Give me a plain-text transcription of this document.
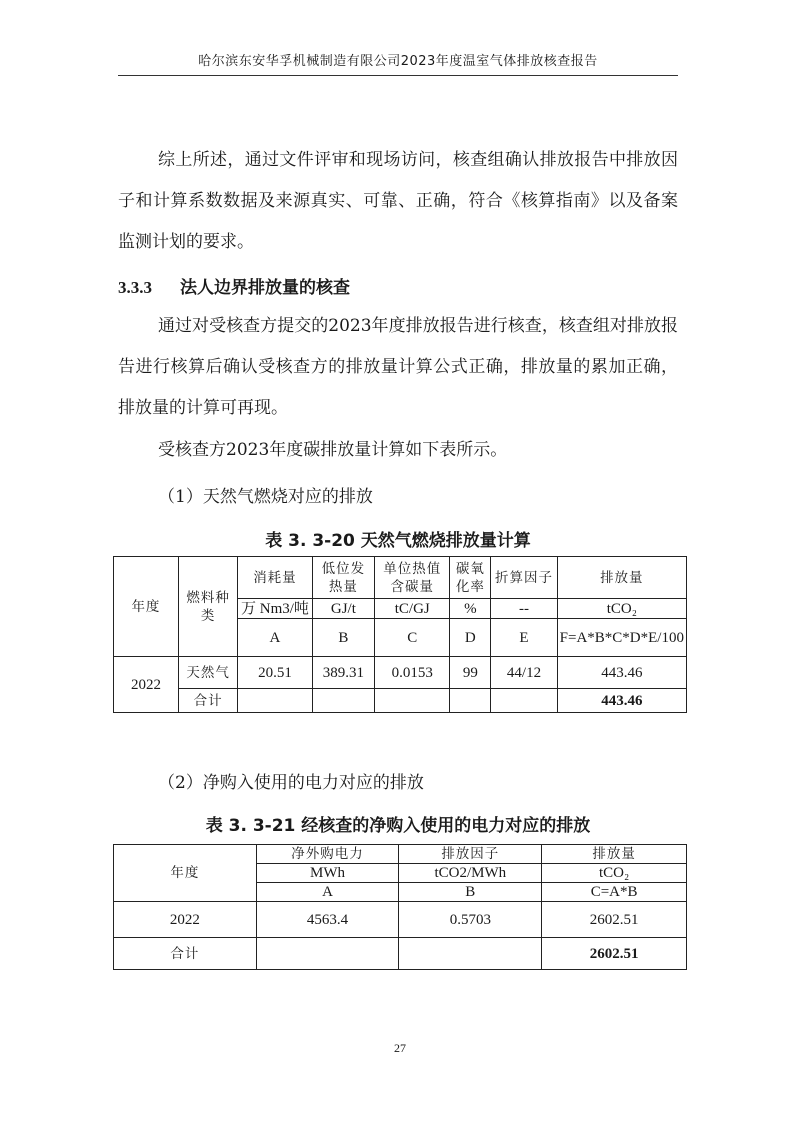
哈尔滨东安华孚机械制造有限公司2023年度温室气体排放核查报告

综上所述，通过文件评审和现场访问，核查组确认排放报告中排放因子和计算系数数据及来源真实、可靠、正确，符合《核算指南》以及备案监测计划的要求。

3.3.3 法人边界排放量的核查

通过对受核查方提交的2023年度排放报告进行核查，核查组对排放报告进行核算后确认受核查方的排放量计算公式正确，排放量的累加正确，排放量的计算可再现。

受核查方2023年度碳排放量计算如下表所示。

（1）天然气燃烧对应的排放
表 3. 3-20 天然气燃烧排放量计算
年度	燃料种类	消耗量	低位发热量	单位热值含碳量	碳氧化率	折算因子	排放量
		万 Nm3/吨	GJ/t	tC/GJ	%	--	tCO₂
		A	B	C	D	E	F=A*B*C*D*E/100
2022	天然气	20.51	389.31	0.0153	99	44/12	443.46
	合计						443.46
（2）净购入使用的电力对应的排放
表 3. 3-21 经核查的净购入使用的电力对应的排放
年度	净外购电力	排放因子	排放量
	MWh	tCO2/MWh	tCO₂
	A	B	C=A*B
2022	4563.4	0.5703	2602.51
合计			2602.51
27
